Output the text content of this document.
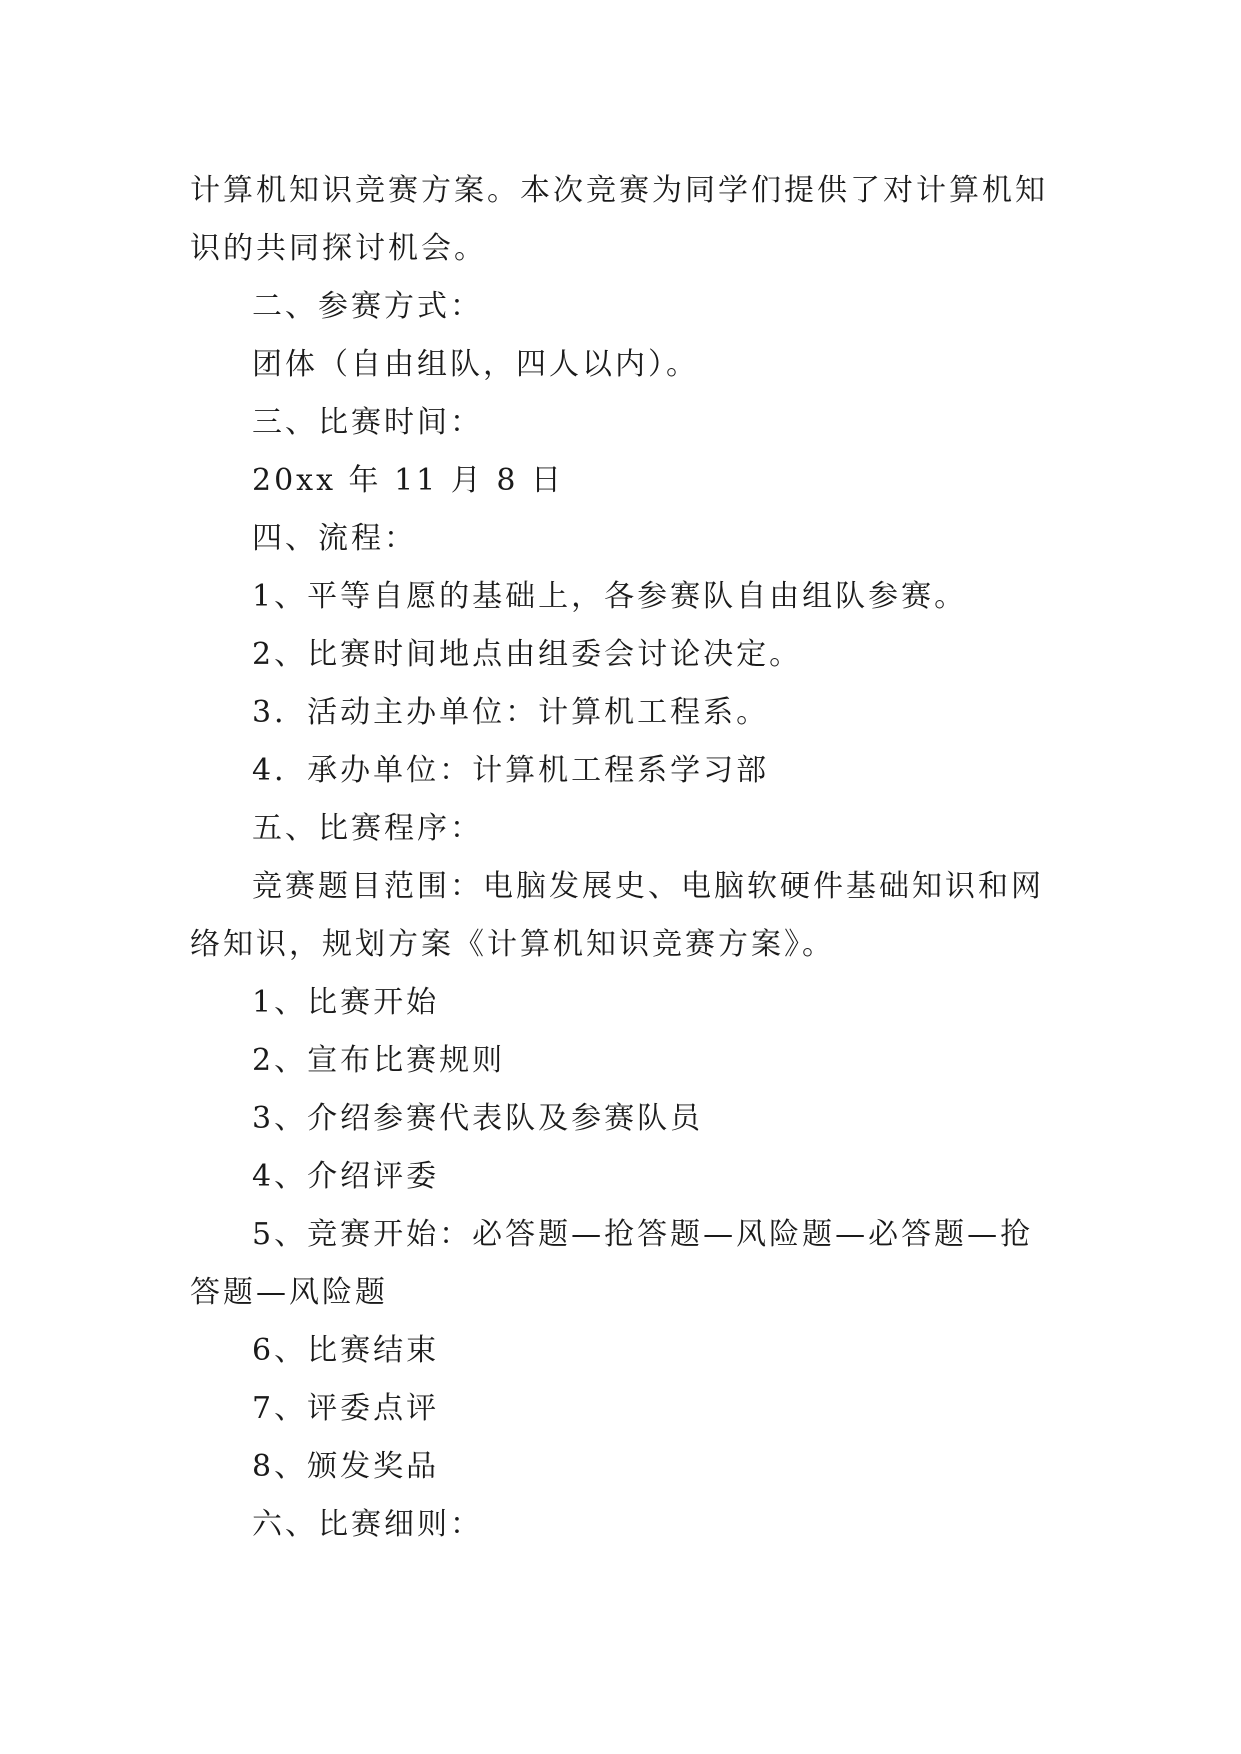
计算机知识竞赛方案。本次竞赛为同学们提供了对计算机知识的共同探讨机会。

二、参赛方式：

团体（自由组队，四人以内）。

三、比赛时间：

20xx 年 11 月 8 日

四、流程：

1、平等自愿的基础上，各参赛队自由组队参赛。

2、比赛时间地点由组委会讨论决定。

3．活动主办单位：计算机工程系。

4．承办单位：计算机工程系学习部

五、比赛程序：

竞赛题目范围：电脑发展史、电脑软硬件基础知识和网络知识，规划方案《计算机知识竞赛方案》。

1、比赛开始

2、宣布比赛规则

3、介绍参赛代表队及参赛队员

4、介绍评委

5、竞赛开始：必答题—抢答题—风险题—必答题—抢答题—风险题

6、比赛结束

7、评委点评

8、颁发奖品

六、比赛细则：
